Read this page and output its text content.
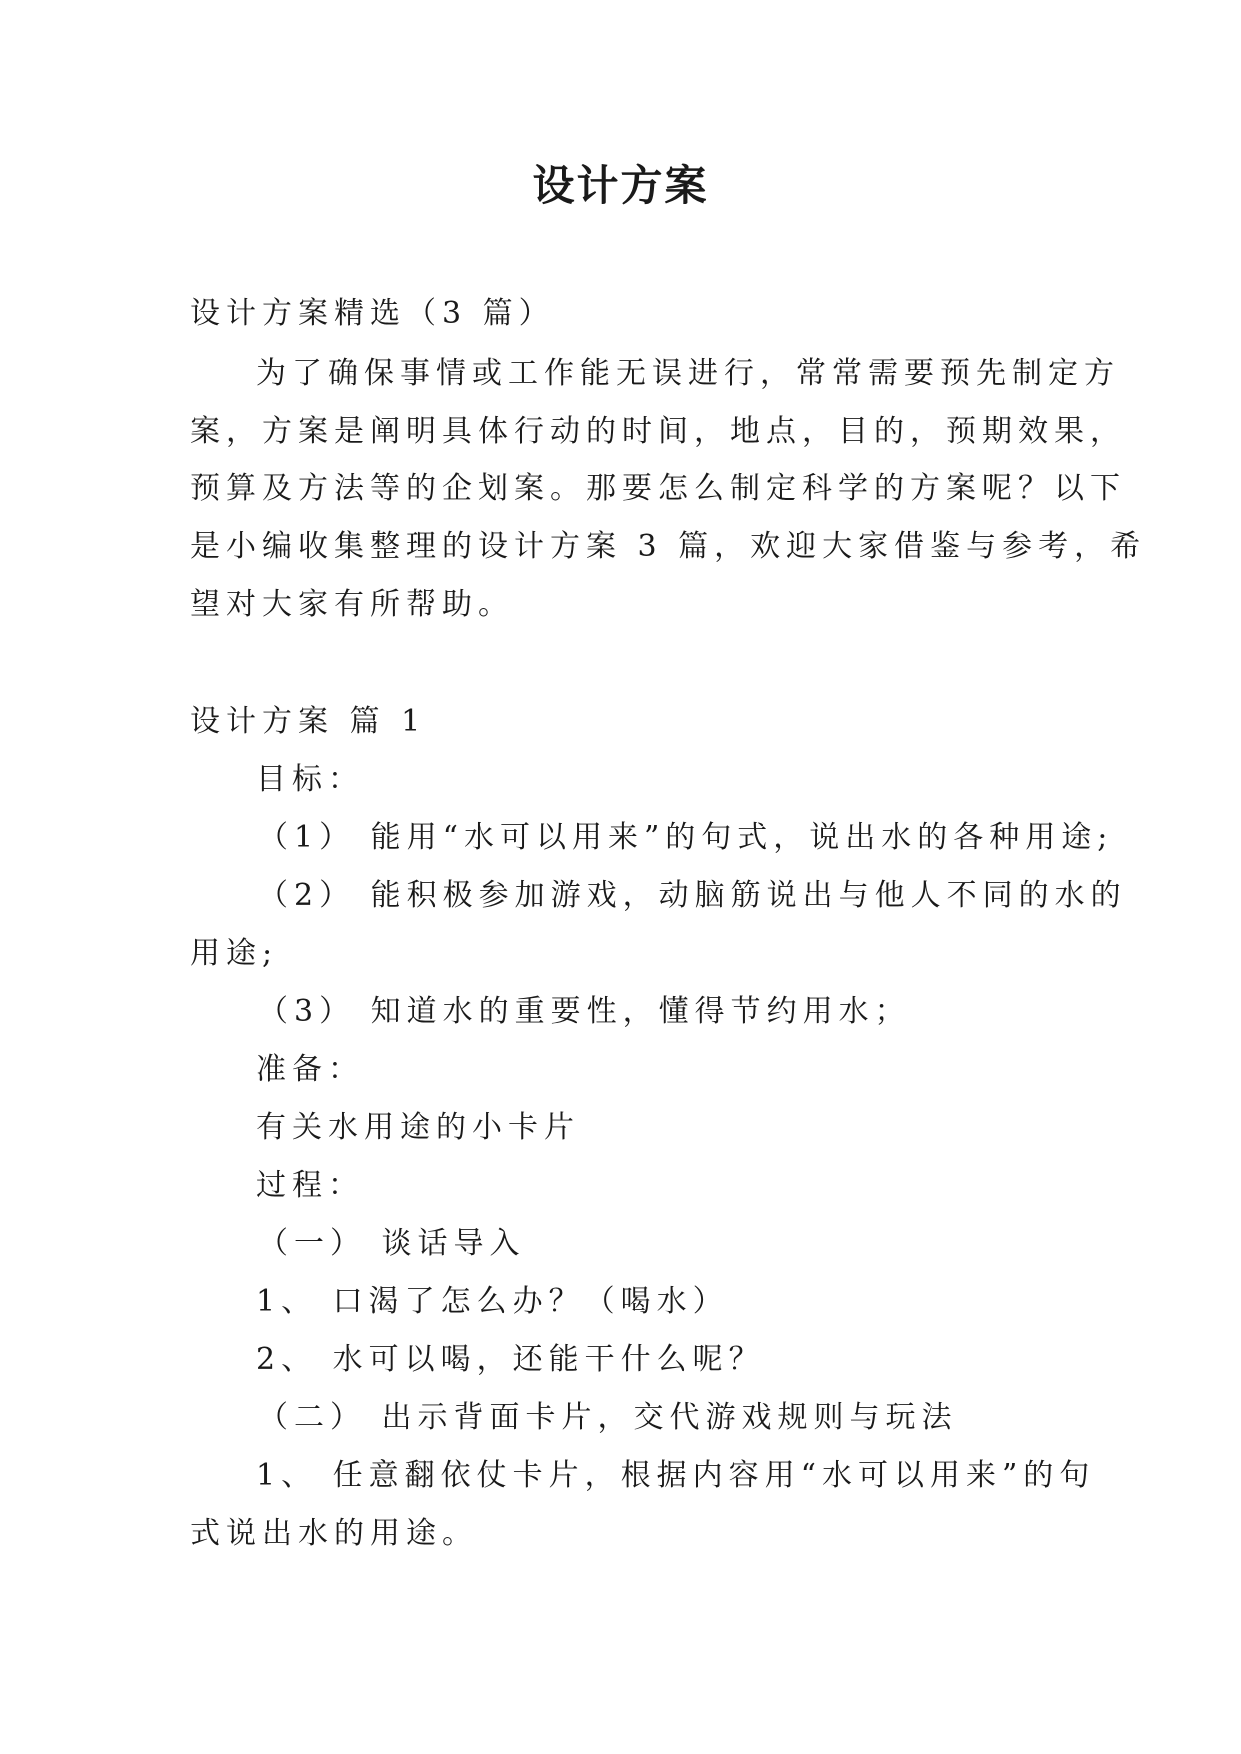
设计方案
设计方案精选（3 篇）
为了确保事情或工作能无误进行，常常需要预先制定方
案，方案是阐明具体行动的时间，地点，目的，预期效果，
预算及方法等的企划案。那要怎么制定科学的方案呢？以下
是小编收集整理的设计方案 3 篇，欢迎大家借鉴与参考，希
望对大家有所帮助。
设计方案 篇 1
目标：
（1） 能用“水可以用来”的句式，说出水的各种用途;
（2） 能积极参加游戏，动脑筋说出与他人不同的水的
用途;
（3） 知道水的重要性，懂得节约用水；
准备：
有关水用途的小卡片
过程：
（一） 谈话导入
1、 口渴了怎么办？（喝水）
2、 水可以喝，还能干什么呢？
（二） 出示背面卡片，交代游戏规则与玩法
1、 任意翻依仗卡片，根据内容用“水可以用来”的句
式说出水的用途。
